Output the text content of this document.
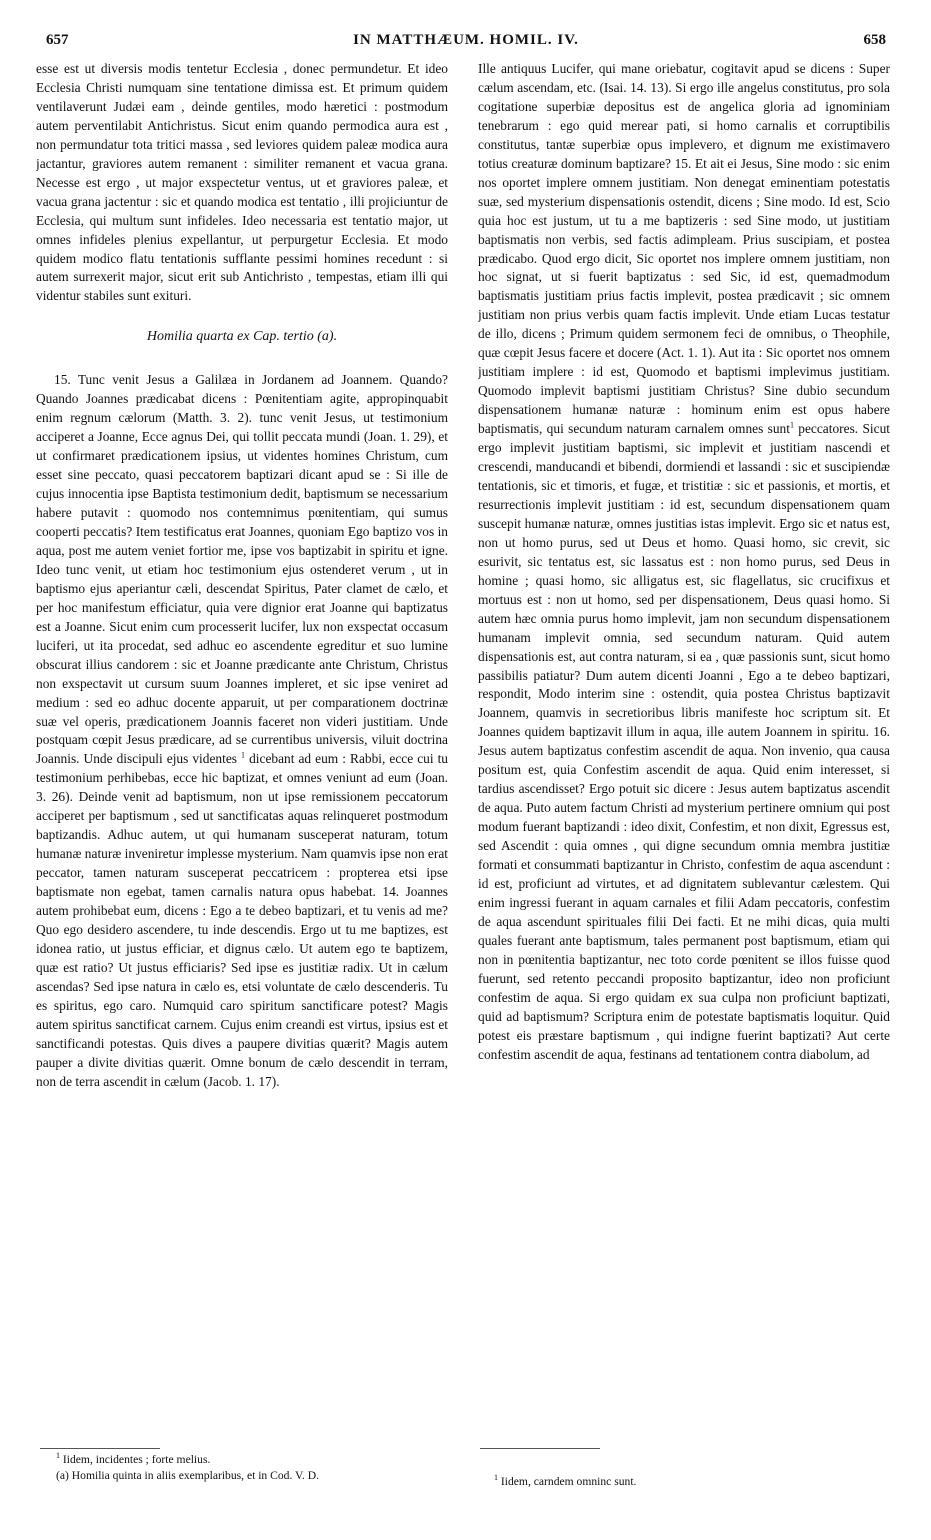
657	IN MATTHÆUM. HOMIL. IV.	658

esse est ut diversis modis tentetur Ecclesia , donec permundetur. Et ideo Ecclesia Christi numquam sine tentatione dimissa est. Et primum quidem ventilaverunt Judæi eam , deinde gentiles, modo hæretici : postmodum autem perventilabit Antichristus. Sicut enim quando permodica aura est , non permundatur tota tritici massa , sed leviores quidem paleæ modica aura jactantur, graviores autem remanent : similiter remanent et vacua grana. Necesse est ergo , ut major exspectetur ventus, ut et graviores paleæ, et vacua grana jactentur : sic et quando modica est tentatio , illi projiciuntur de Ecclesia, qui multum sunt infideles. Ideo necessaria est tentatio major, ut omnes infideles plenius expellantur, ut perpurgetur Ecclesia. Et modo quidem modico flatu tentationis sufflante pessimi homines recedunt : si autem surrexerit major, sicut erit sub Antichristo , tempestas, etiam illi qui videntur stabiles sunt exituri.

Homilia quarta ex Cap. tertio (a).

15. Tunc venit Jesus a Galilæa in Jordanem ad Joannem. Quando? Quando Joannes prædicabat dicens : Pœnitentiam agite, appropinquabit enim regnum cælorum (Matth. 3. 2). tunc venit Jesus, ut testimonium acciperet a Joanne, Ecce agnus Dei, qui tollit peccata mundi (Joan. 1. 29), et ut confirmaret prædicationem ipsius, ut videntes homines Christum, cum esset sine peccato, quasi peccatorem baptizari dicant apud se : Si ille de cujus innocentia ipse Baptista testimonium dedit, baptismum se necessarium habere putavit : quomodo nos contemnimus pœnitentiam, qui sumus cooperti peccatis? Item testificatus erat Joannes, quoniam Ego baptizo vos in aqua, post me autem veniet fortior me, ipse vos baptizabit in spiritu et igne. Ideo tunc venit, ut etiam hoc testimonium ejus ostenderet verum , ut in baptismo ejus aperiantur cæli, descendat Spiritus, Pater clamet de cælo, et per hoc manifestum efficiatur, quia vere dignior erat Joanne qui baptizatus est a Joanne. Sicut enim cum processerit lucifer, lux non exspectat occasum luciferi, ut ita procedat, sed adhuc eo ascendente egreditur et suo lumine obscurat illius candorem : sic et Joanne prædicante ante Christum, Christus non exspectavit ut cursum suum Joannes impleret, et sic ipse veniret ad medium : sed eo adhuc docente apparuit, ut per comparationem doctrinæ suæ vel operis, prædicationem Joannis faceret non videri justitiam. Unde postquam cœpit Jesus prædicare, ad se currentibus universis, viluit doctrina Joannis. Unde discipuli ejus videntes $^1$ dicebant ad eum : Rabbi, ecce cui tu testimonium perhibebas, ecce hic baptizat, et omnes veniunt ad eum (Joan. 3. 26). Deinde venit ad baptismum, non ut ipse remissionem peccatorum acciperet per baptismum , sed ut sanctificatas aquas relinqueret postmodum baptizandis. Adhuc autem, ut qui humanam susceperat naturam, totum humanæ naturæ inveniretur implesse mysterium. Nam quamvis ipse non erat peccator, tamen naturam susceperat peccatricem : propterea etsi ipse baptismate non egebat, tamen carnalis natura opus habebat. 14. Joannes autem prohibebat eum, dicens : Ego a te debeo baptizari, et tu venis ad me? Quo ego desidero ascendere, tu inde descendis. Ergo ut tu me baptizes, est idonea ratio, ut justus efficiar, et dignus cælo. Ut autem ego te baptizem, quæ est ratio? Ut justus efficiaris? Sed ipse es justitiæ radix. Ut in cælum ascendas? Sed ipse natura in cælo es, etsi voluntate de cælo descenderis. Tu es spiritus, ego caro. Numquid caro spiritum sanctificare potest? Magis autem spiritus sanctificat carnem. Cujus enim creandi est virtus, ipsius est et sanctificandi potestas. Quis dives a paupere divitias quærit? Magis autem pauper a divite divitias quærit. Omne bonum de cælo descendit in terram, non de terra ascendit in cælum (Jacob. 1. 17).

Ille antiquus Lucifer, qui mane oriebatur, cogitavit apud se dicens : Super cælum ascendam, etc. (Isai. 14. 13). Si ergo ille angelus constitutus, pro sola cogitatione superbiæ depositus est de angelica gloria ad ignominiam tenebrarum : ego quid merear pati, si homo carnalis et corruptibilis constitutus, tantæ superbiæ opus implevero, et dignum me existimavero totius creaturæ dominum baptizare? 15. Et ait ei Jesus, Sine modo : sic enim nos oportet implere omnem justitiam. Non denegat eminentiam potestatis suæ, sed mysterium dispensationis ostendit, dicens ; Sine modo. Id est, Scio quia hoc est justum, ut tu a me baptizeris : sed Sine modo, ut justitiam baptismatis non verbis, sed factis adimpleam. Prius suscipiam, et postea prædicabo. Quod ergo dicit, Sic oportet nos implere omnem justitiam, non hoc signat, ut si fuerit baptizatus : sed Sic, id est, quemadmodum baptismatis justitiam prius factis implevit, postea prædicavit ; sic omnem justitiam non prius verbis quam factis implevit. Unde etiam Lucas testatur de illo, dicens ; Primum quidem sermonem feci de omnibus, o Theophile, quæ cœpit Jesus facere et docere (Act. 1. 1). Aut ita : Sic oportet nos omnem justitiam implere : id est, Quomodo et baptismi implevimus justitiam. Quomodo implevit baptismi justitiam Christus? Sine dubio secundum dispensationem humanæ naturæ : hominum enim est opus habere baptismatis, qui secundum naturam carnalem omnes sunt$^1$ peccatores. Sicut ergo implevit justitiam baptismi, sic implevit et justitiam nascendi et crescendi, manducandi et bibendi, dormiendi et lassandi : sic et suscipiendæ tentationis, sic et timoris, et fugæ, et tristitiæ : sic et passionis, et mortis, et resurrectionis implevit justitiam : id est, secundum dispensationem quam suscepit humanæ naturæ, omnes justitias istas implevit. Ergo sic et natus est, non ut homo purus, sed ut Deus et homo. Quasi homo, sic crevit, sic esurivit, sic tentatus est, sic lassatus est : non homo purus, sed Deus in homine ; quasi homo, sic alligatus est, sic flagellatus, sic crucifixus et mortuus est : non ut homo, sed per dispensationem, Deus quasi homo. Si autem hæc omnia purus homo implevit, jam non secundum dispensationem humanam implevit omnia, sed secundum naturam. Quid autem dispensationis est, aut contra naturam, si ea , quæ passionis sunt, sicut homo passibilis patiatur? Dum autem dicenti Joanni , Ego a te debeo baptizari, respondit, Modo interim sine : ostendit, quia postea Christus baptizavit Joannem, quamvis in secretioribus libris manifeste hoc scriptum sit. Et Joannes quidem baptizavit illum in aqua, ille autem Joannem in spiritu. 16. Jesus autem baptizatus confestim ascendit de aqua. Non invenio, qua causa positum est, quia Confestim ascendit de aqua. Quid enim interesset, si tardius ascendisset? Ergo potuit sic dicere : Jesus autem baptizatus ascendit de aqua. Puto autem factum Christi ad mysterium pertinere omnium qui post modum fuerant baptizandi : ideo dixit, Confestim, et non dixit, Egressus est, sed Ascendit : quia omnes , qui digne secundum omnia membra justitiæ formati et consummati baptizantur in Christo, confestim de aqua ascendunt : id est, proficiunt ad virtutes, et ad dignitatem sublevantur cælestem. Qui enim ingressi fuerant in aquam carnales et filii Adam peccatoris, confestim de aqua ascendunt spirituales filii Dei facti. Et ne mihi dicas, quia multi quales fuerant ante baptismum, tales permanent post baptismum, etiam qui non in pœnitentia baptizantur, nec toto corde pœnitent se illos fuisse quod fuerunt, sed retento peccandi proposito baptizantur, ideo non proficiunt confestim de aqua. Si ergo quidam ex sua culpa non proficiunt baptizati, quid ad baptismum? Scriptura enim de potestate baptismatis loquitur. Quid potest eis præstare baptismum , qui indigne fuerint baptizati? Aut certe confestim ascendit de aqua, festinans ad tentationem contra diabolum, ad

$^1$ Iidem, incidentes ; forte melius.
(a) Homilia quinta in aliis exemplaribus, et in Cod. V. D.	$^1$ Iidem, carndem omninc sunt.
